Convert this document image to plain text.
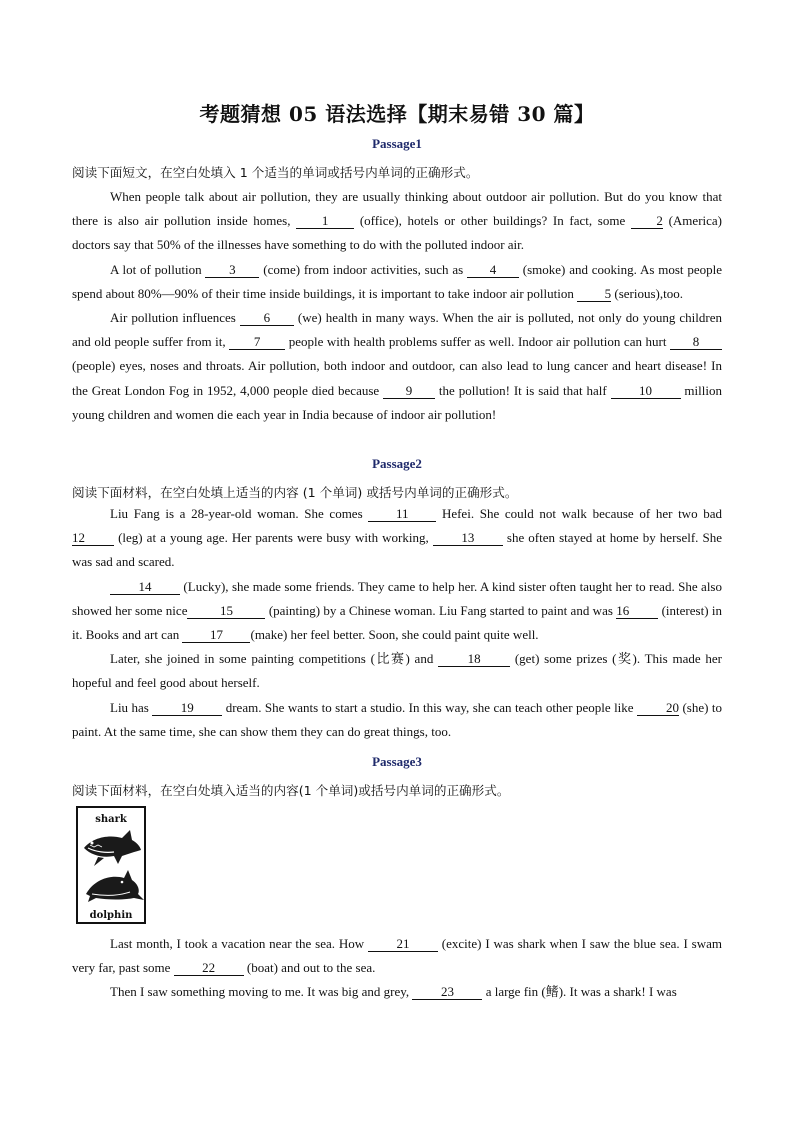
考题猜想 05 语法选择【期末易错 30 篇】
Passage1
阅读下面短文，在空白处填入 1 个适当的单词或括号内单词的正确形式。

When people talk about air pollution, they are usually thinking about outdoor air pollution. But do you know that there is also air pollution inside homes, 1 (office), hotels or other buildings? In fact, some 2 (America) doctors say that 50% of the illnesses have something to do with the polluted indoor air.

A lot of pollution 3 (come) from indoor activities, such as 4 (smoke) and cooking. As most people spend about 80%—90% of their time inside buildings, it is important to take indoor air pollution 5 (serious),too.

Air pollution influences 6 (we) health in many ways. When the air is polluted, not only do young children and old people suffer from it, 7 people with health problems suffer as well. Indoor air pollution can hurt 8 (people) eyes, noses and throats. Air pollution, both indoor and outdoor, can also lead to lung cancer and heart disease! In the Great London Fog in 1952, 4,000 people died because 9 the pollution! It is said that half 10 million young children and women die each year in India because of indoor air pollution!

Passage2
阅读下面材料，在空白处填上适当的内容 (1 个单词) 或括号内单词的正确形式。

Liu Fang is a 28-year-old woman. She comes 11 Hefei. She could not walk because of her two bad 12 (leg) at a young age. Her parents were busy with working, 13 she often stayed at home by herself. She was sad and scared.

14 (Lucky), she made some friends. They came to help her. A kind sister often taught her to read. She also showed her some nice	15	(painting) by a Chinese woman. Liu Fang started to paint and was 16 (interest) in it. Books and art can 17 (make) her feel better. Soon, she could paint quite well.

Later, she joined in some painting competitions (比赛) and 18 (get) some prizes (奖). This made her hopeful and feel good about herself.

Liu has 19 dream. She wants to start a studio. In this way, she can teach other people like 20 (she) to paint. At the same time, she can show them they can do great things, too.

Passage3
阅读下面材料，在空白处填入适当的内容(1 个单词)或括号内单词的正确形式。
shark
dolphin

Last month, I took a vacation near the sea. How 21 (excite) I was shark when I saw the blue sea. I swam very far, past some 22 (boat) and out to the sea.

Then I saw something moving to me. It was big and grey, 23 a large fin (鳍). It was a shark! I was
